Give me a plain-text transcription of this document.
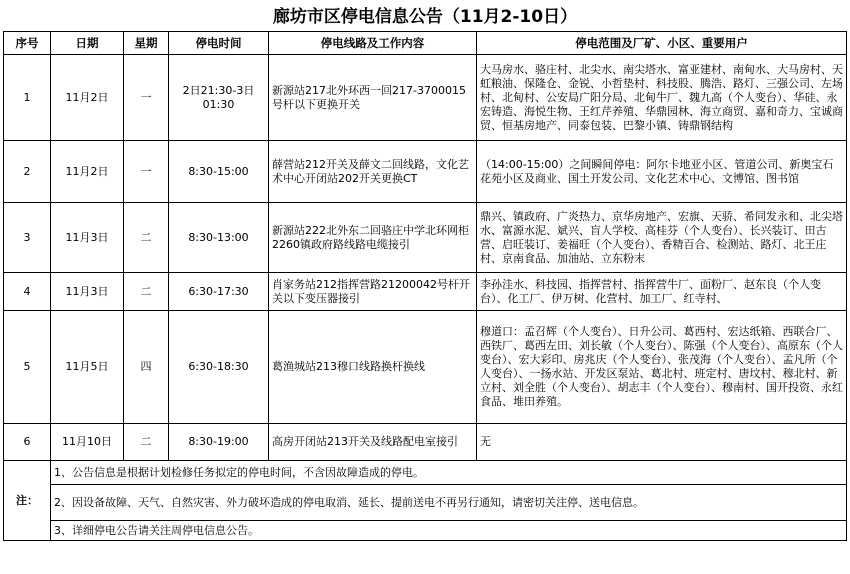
廊坊市区停电信息公告（11月2-10日）
序号	日期	星期	停电时间	停电线路及工作内容	停电范围及厂矿、小区、重要用户
1	11月2日	一	2日21:30-3日01:30	新源站217北外环西一回217-3700015号杆以下更换开关	大马房水、骆庄村、北尖水、南尖塔水、富亚建材、南甸水、大马房村、天虹粮油、保隆仓、金锐、小哲垫村、科技股、腾浩、路灯、三强公司、左场村、北甸村、公安局广阳分局、北甸牛厂、魏九高（个人变台）、华硅、永宏铸造、海悦生物、王红芹养殖、华鼎园林、海立商贸、嘉和奇力、宝诚商贸、恒基房地产、同泰包装、巴黎小镇、铸鼎钢结构
2	11月2日	一	8:30-15:00	薛营站212开关及薛文二回线路，文化艺术中心开闭站202开关更换CT	（14:00-15:00）之间瞬间停电：阿尔卡地亚小区、管道公司、新奥宝石花苑小区及商业、国土开发公司、文化艺术中心、文博馆、图书馆
3	11月3日	二	8:30-13:00	新源站222北外东二回骆庄中学北环网柜2260镇政府路线路电缆接引	鼎兴、镇政府、广炎热力、京华房地产、宏旗、天骄、希同发永和、北尖塔水、富源水泥、斌兴、盲人学校、高桂芬（个人变台）、长兴装订、田古营、启旺装订、姜福旺（个人变台）、香精百合、检测站、路灯、北王庄村、京南食品、加油站、立东粉末
4	11月3日	二	6:30-17:30	肖家务站212指挥营路21200042号杆开关以下变压器接引	李孙洼水、科技园、指挥营村、指挥营牛厂、面粉厂、赵东良（个人变台）、化工厂、伊万树、化营村、加工厂、红寺村、
5	11月5日	四	6:30-18:30	葛渔城站213穆口线路换杆换线	穆道口：孟召辉（个人变台）、日升公司、葛西村、宏达纸箱、西联合厂、西铁厂、葛西左田、刘长敏（个人变台）、陈强（个人变台）、高原东（个人变台）、宏大彩印、房兆庆（个人变台）、张茂海（个人变台）、孟凡所（个人变台）、一扬水站、开发区泵站、葛北村、班定村、唐坟村、穆北村、新立村、刘全胜（个人变台）、胡志丰（个人变台）、穆南村、国开投资、永红食品、堆田养殖。
6	11月10日	二	8:30-19:00	高房开闭站213开关及线路配电室接引	无
注：	1、公告信息是根据计划检修任务拟定的停电时间，不含因故障造成的停电。				
	2、因设备故障、天气、自然灾害、外力破坏造成的停电取消、延长、提前送电不再另行通知，请密切关注停、送电信息。				
	3、详细停电公告请关注周停电信息公告。				
